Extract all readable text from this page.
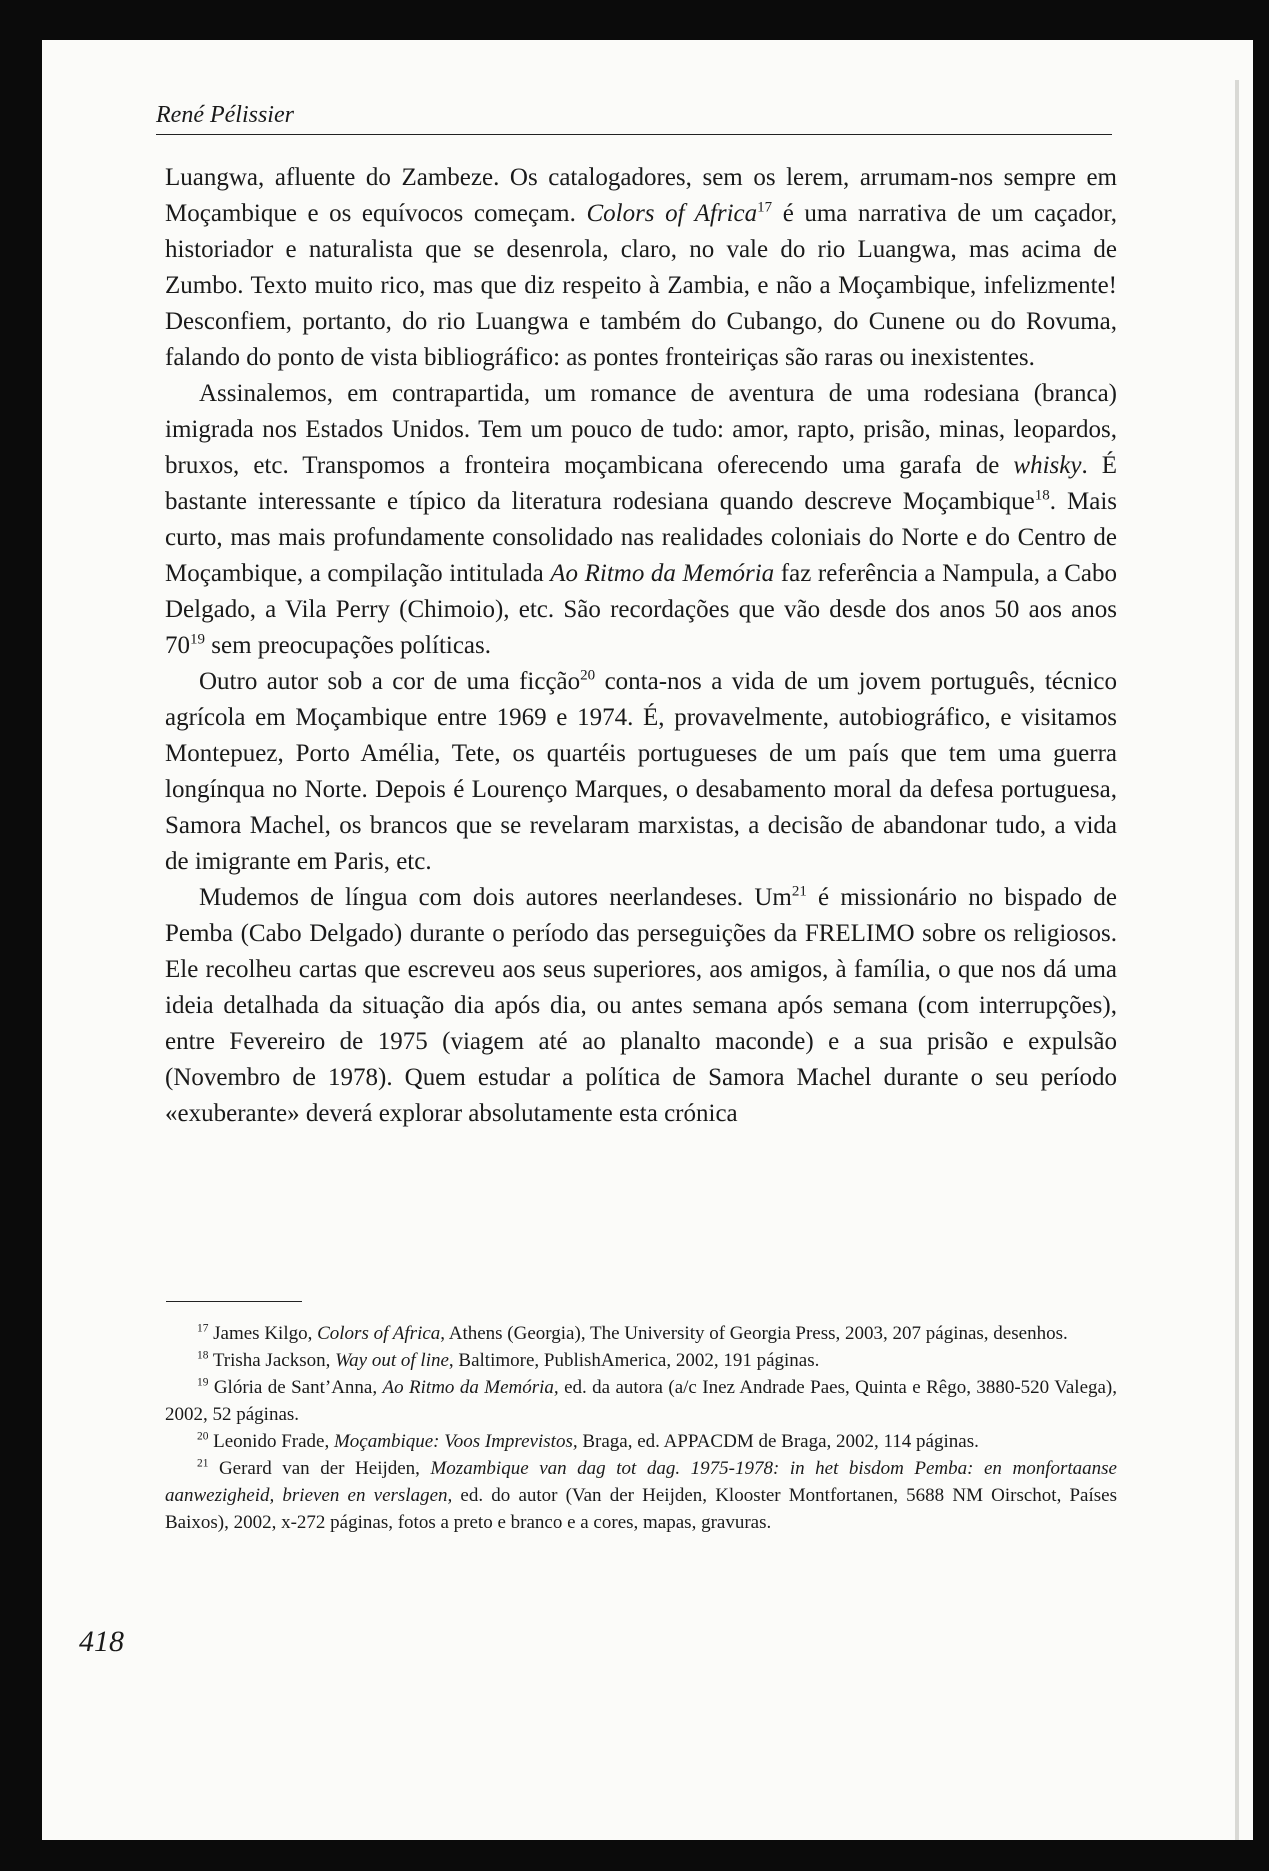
René Pélissier

Luangwa, afluente do Zambeze. Os catalogadores, sem os lerem, arrumam-nos sempre em Moçambique e os equívocos começam. Colors of Africa$^{17}$ é uma narrativa de um caçador, historiador e naturalista que se desenrola, claro, no vale do rio Luangwa, mas acima de Zumbo. Texto muito rico, mas que diz respeito à Zambia, e não a Moçambique, infelizmente! Desconfiem, portanto, do rio Luangwa e também do Cubango, do Cunene ou do Rovuma, falando do ponto de vista bibliográfico: as pontes fronteiriças são raras ou inexistentes.

Assinalemos, em contrapartida, um romance de aventura de uma rodesiana (branca) imigrada nos Estados Unidos. Tem um pouco de tudo: amor, rapto, prisão, minas, leopardos, bruxos, etc. Transpomos a fronteira moçambicana oferecendo uma garafa de whisky. É bastante interessante e típico da literatura rodesiana quando descreve Moçambique$^{18}$. Mais curto, mas mais profundamente consolidado nas realidades coloniais do Norte e do Centro de Moçambique, a compilação intitulada Ao Ritmo da Memória faz referência a Nampula, a Cabo Delgado, a Vila Perry (Chimoio), etc. São recordações que vão desde dos anos 50 aos anos $70^{19}$ sem preocupações políticas.

Outro autor sob a cor de uma ficção$^{20}$ conta-nos a vida de um jovem português, técnico agrícola em Moçambique entre 1969 e 1974. É, provavelmente, autobiográfico, e visitamos Montepuez, Porto Amélia, Tete, os quartéis portugueses de um país que tem uma guerra longínqua no Norte. Depois é Lourenço Marques, o desabamento moral da defesa portuguesa, Samora Machel, os brancos que se revelaram marxistas, a decisão de abandonar tudo, a vida de imigrante em Paris, etc.

Mudemos de língua com dois autores neerlandeses. Um$^{21}$ é missionário no bispado de Pemba (Cabo Delgado) durante o período das perseguições da FRELIMO sobre os religiosos. Ele recolheu cartas que escreveu aos seus superiores, aos amigos, à família, o que nos dá uma ideia detalhada da situação dia após dia, ou antes semana após semana (com interrupções), entre Fevereiro de 1975 (viagem até ao planalto maconde) e a sua prisão e expulsão (Novembro de 1978). Quem estudar a política de Samora Machel durante o seu período «exuberante» deverá explorar absolutamente esta crónica

$^{17}$ James Kilgo, Colors of Africa, Athens (Georgia), The University of Georgia Press, 2003, 207 páginas, desenhos.

$^{18}$ Trisha Jackson, Way out of line, Baltimore, PublishAmerica, 2002, 191 páginas.

$^{19}$ Glória de Sant’Anna, Ao Ritmo da Memória, ed. da autora (a/c Inez Andrade Paes, Quinta e Rêgo, 3880-520 Valega), 2002, 52 páginas.

$^{20}$ Leonido Frade, Moçambique: Voos Imprevistos, Braga, ed. APPACDM de Braga, 2002, 114 páginas.

$^{21}$ Gerard van der Heijden, Mozambique van dag tot dag. 1975-1978: in het bisdom Pemba: en monfortaanse aanwezigheid, brieven en verslagen, ed. do autor (Van der Heijden, Klooster Montfortanen, 5688 NM Oirschot, Países Baixos), 2002, x-272 páginas, fotos a preto e branco e a cores, mapas, gravuras.

418
